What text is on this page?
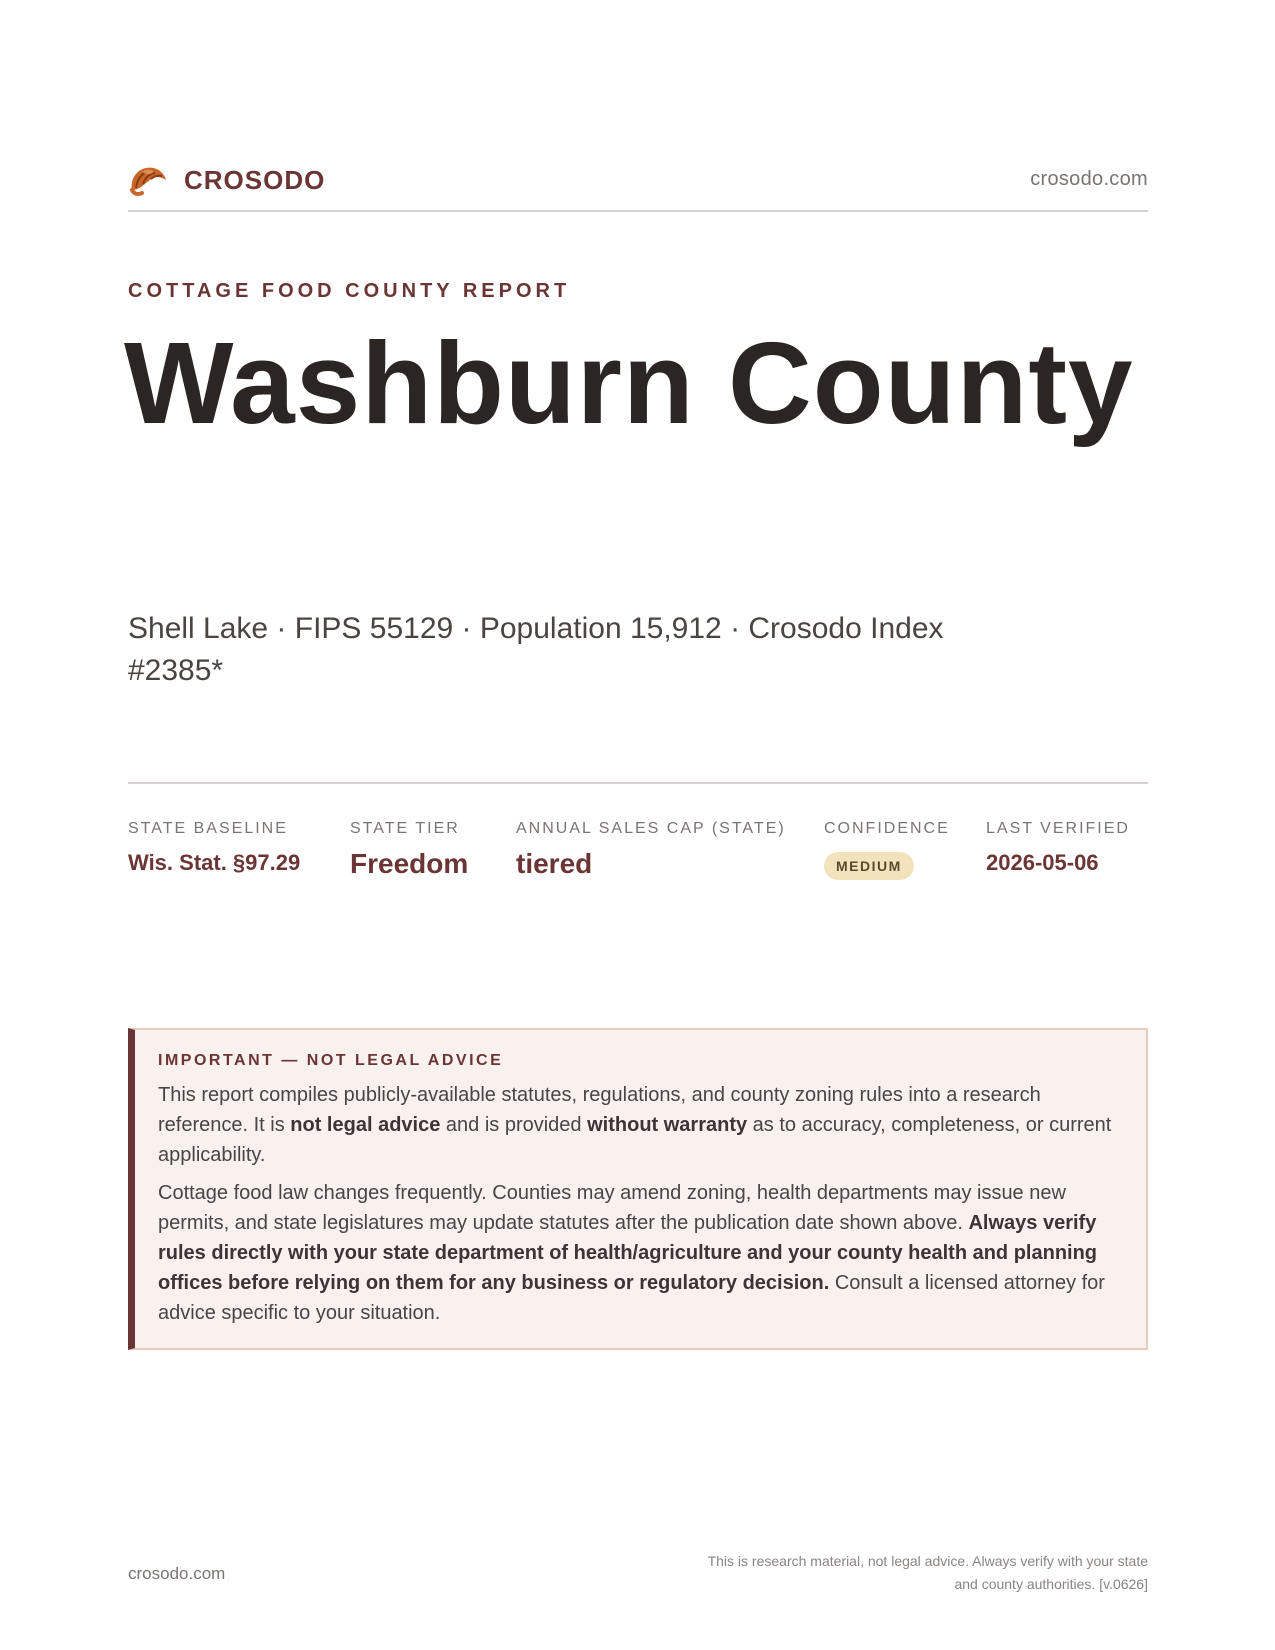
CROSODO	crosodo.com
COTTAGE FOOD COUNTY REPORT
Washburn County
Shell Lake · FIPS 55129 · Population 15,912 · Crosodo Index #2385*
STATE BASELINE
Wis. Stat. §97.29
STATE TIER
Freedom
ANNUAL SALES CAP (STATE)
tiered
CONFIDENCE
MEDIUM
LAST VERIFIED
2026-05-06
IMPORTANT — NOT LEGAL ADVICE

This report compiles publicly-available statutes, regulations, and county zoning rules into a research reference. It is not legal advice and is provided without warranty as to accuracy, completeness, or current applicability.

Cottage food law changes frequently. Counties may amend zoning, health departments may issue new permits, and state legislatures may update statutes after the publication date shown above. Always verify rules directly with your state department of health/agriculture and your county health and planning offices before relying on them for any business or regulatory decision. Consult a licensed attorney for advice specific to your situation.

crosodo.com
This is research material, not legal advice. Always verify with your state
and county authorities. [v.0626]
